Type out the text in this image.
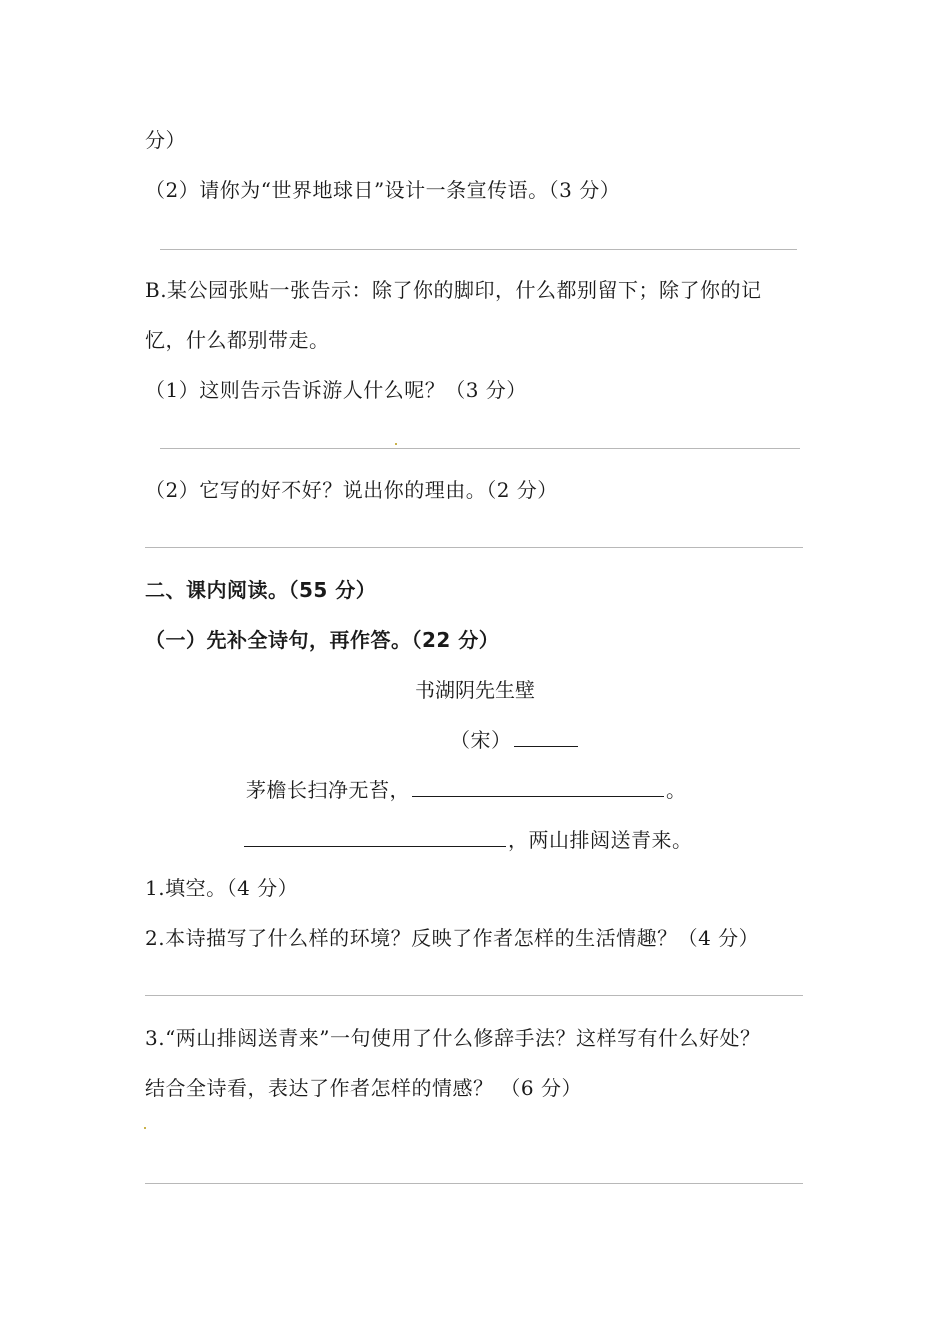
分）
（2）请你为“世界地球日”设计一条宣传语。（3 分）
B.某公园张贴一张告示：除了你的脚印，什么都别留下；除了你的记
忆，什么都别带走。
（1）这则告示告诉游人什么呢？（3 分）
（2）它写的好不好？说出你的理由。（2 分）
二、课内阅读。（55 分）
（一）先补全诗句，再作答。（22 分）
书湖阴先生壁
（宋）
茅檐长扫净无苔，	。
，两山排闼送青来。
1.填空。（4 分）
2.本诗描写了什么样的环境？反映了作者怎样的生活情趣？（4 分）
3.“两山排闼送青来”一句使用了什么修辞手法？这样写有什么好处？
结合全诗看，表达了作者怎样的情感？ （6 分）
